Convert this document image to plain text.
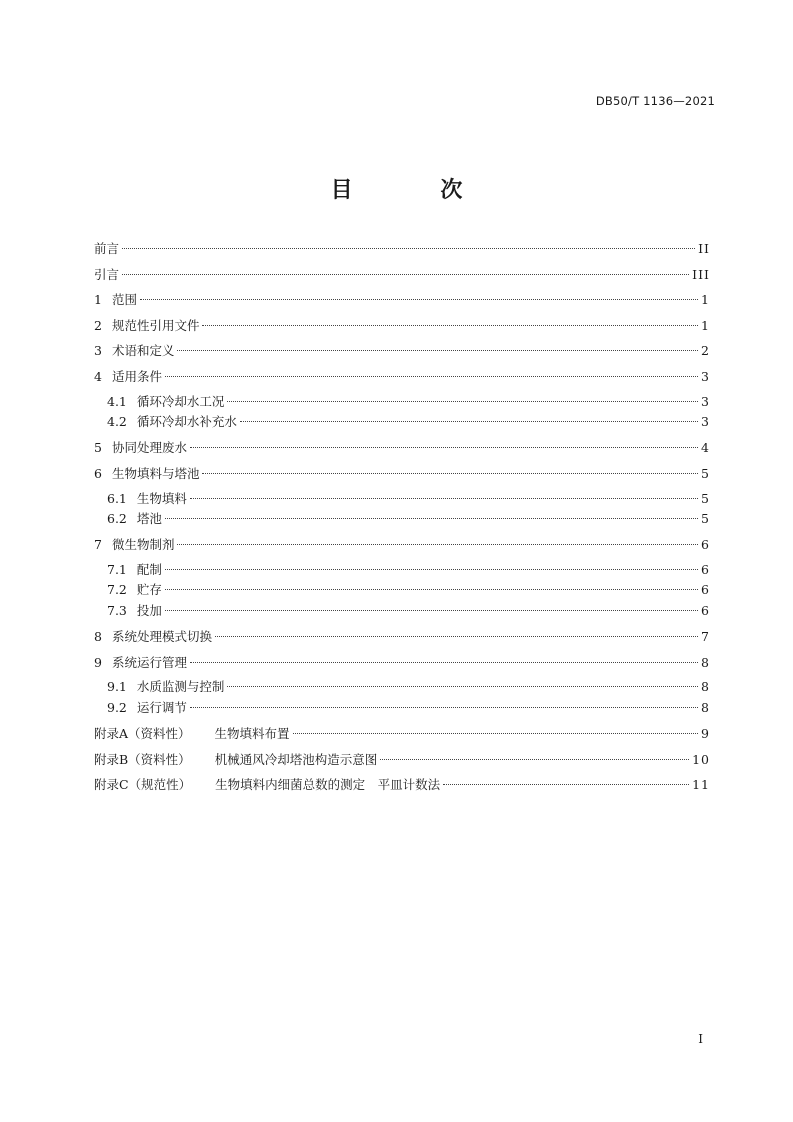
DB50/T 1136—2021
目 次
前言	II
引言	III
1 范围	1
2 规范性引用文件	1
3 术语和定义	2
4 适用条件	3
4.1 循环冷却水工况	3
4.2 循环冷却水补充水	3
5 协同处理废水	4
6 生物填料与塔池	5
6.1 生物填料	5
6.2 塔池	5
7 微生物制剂	6
7.1 配制	6
7.2 贮存	6
7.3 投加	6
8 系统处理模式切换	7
9 系统运行管理	8
9.1 水质监测与控制	8
9.2 运行调节	8
附录A（资料性） 生物填料布置	9
附录B（资料性） 机械通风冷却塔池构造示意图	10
附录C（规范性） 生物填料内细菌总数的测定　平皿计数法	11
I
